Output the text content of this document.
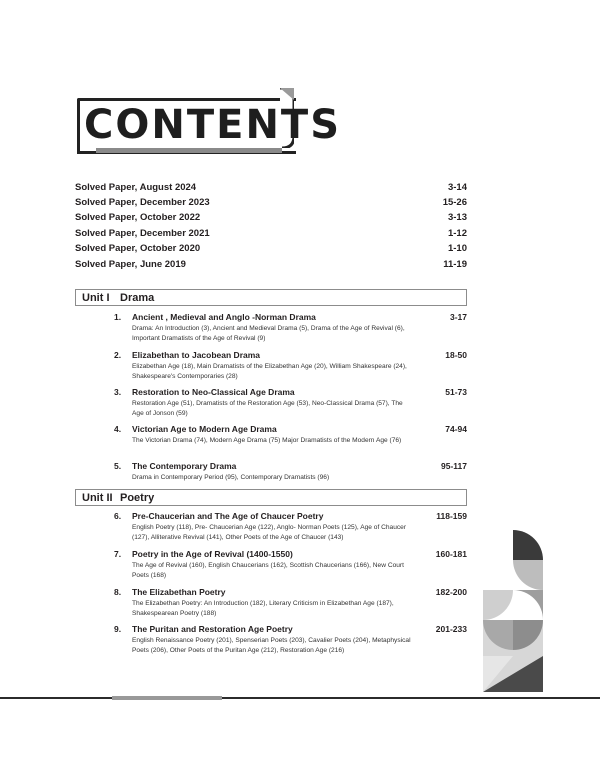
CONTENTS
Solved Paper, August 2024	3-14
Solved Paper, December 2023	15-26
Solved Paper, October 2022	3-13
Solved Paper, December 2021	1-12
Solved Paper, October 2020	1-10
Solved Paper, June 2019	11-19
Unit I Drama
1. Ancient , Medieval and Anglo -Norman Drama	3-17
Drama: An Introduction (3), Ancient and Medieval Drama (5), Drama of the Age of Revival (6), Important Dramatists of the Age of Revival (9)
2. Elizabethan to Jacobean Drama	18-50
Elizabethan Age (18), Main Dramatists of the Elizabethan Age (20), William Shakespeare (24), Shakespeare's Contemporaries (28)
3. Restoration to Neo-Classical Age Drama	51-73
Restoration Age (51), Dramatists of the Restoration Age (53), Neo-Classical Drama (57), The Age of Jonson (59)
4. Victorian Age to Modern Age Drama	74-94
The Victorian Drama (74), Modern Age Drama (75) Major Dramatists of the Modern Age (76)
5. The Contemporary Drama	95-117
Drama in Contemporary Period (95), Contemporary Dramatists (96)
Unit II Poetry
6. Pre-Chaucerian and The Age of Chaucer Poetry	118-159
English Poetry (118), Pre- Chaucerian Age (122), Anglo- Norman Poets (125), Age of Chaucer (127), Alliterative Revival (141), Other Poets of the Age of Chaucer (143)
7. Poetry in the Age of Revival (1400-1550)	160-181
The Age of Revival (160), English Chaucerians (162), Scottish Chaucerians (166), New Court Poets (168)
8. The Elizabethan Poetry	182-200
The Elizabethan Poetry: An Introduction (182), Literary Criticism in Elizabethan Age (187), Shakespearean Poetry (188)
9. The Puritan and Restoration Age Poetry	201-233
English Renaissance Poetry (201), Spenserian Poets (203), Cavalier Poets (204), Metaphysical Poets (206), Other Poets of the Puritan Age (212), Restoration Age (216)
